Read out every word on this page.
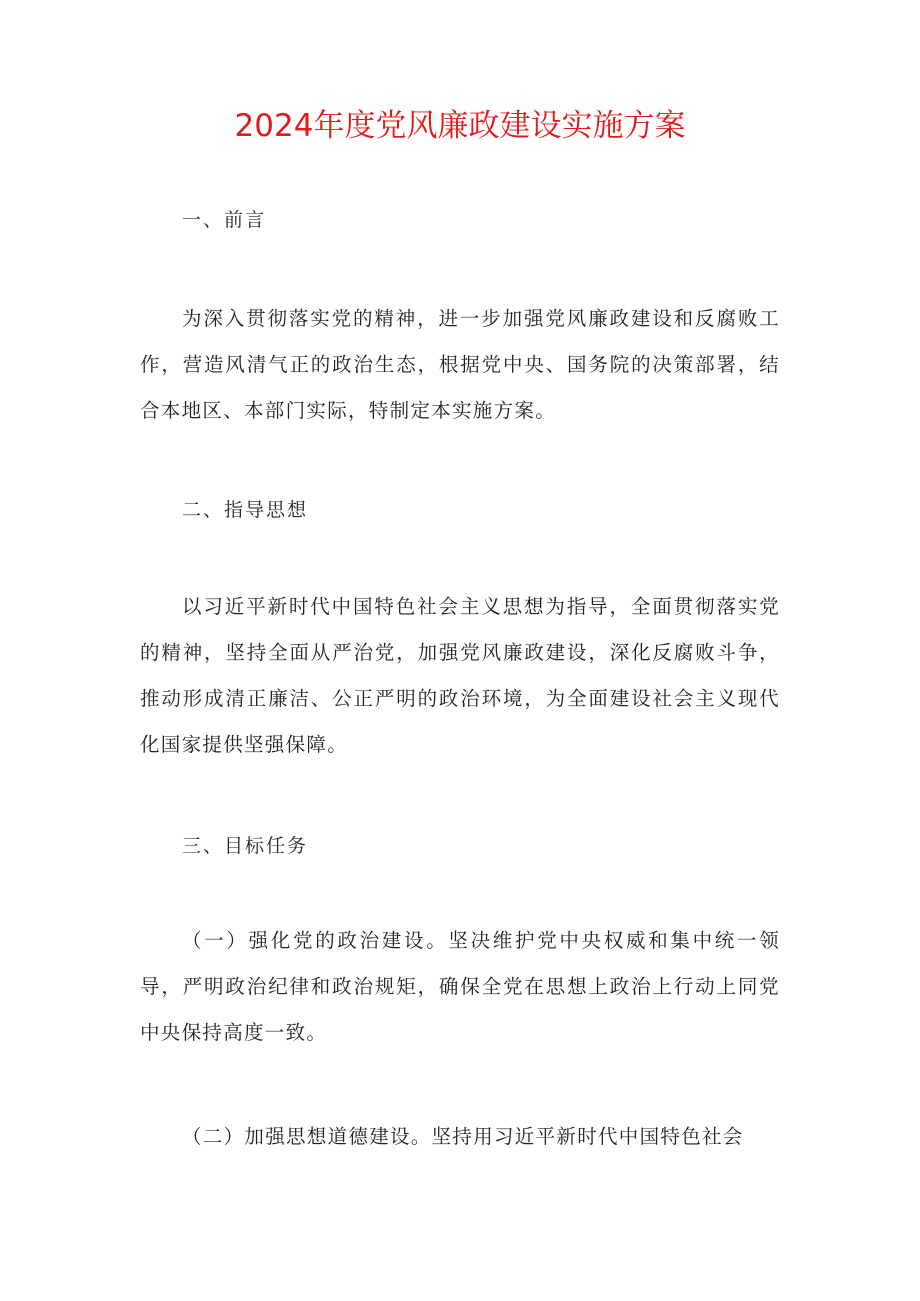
2024年度党风廉政建设实施方案
一、前言

为深入贯彻落实党的精神，进一步加强党风廉政建设和反腐败工作，营造风清气正的政治生态，根据党中央、国务院的决策部署，结合本地区、本部门实际，特制定本实施方案。

二、指导思想

以习近平新时代中国特色社会主义思想为指导，全面贯彻落实党的精神，坚持全面从严治党，加强党风廉政建设，深化反腐败斗争，推动形成清正廉洁、公正严明的政治环境，为全面建设社会主义现代化国家提供坚强保障。

三、目标任务

（一）强化党的政治建设。坚决维护党中央权威和集中统一领导，严明政治纪律和政治规矩，确保全党在思想上政治上行动上同党中央保持高度一致。

（二）加强思想道德建设。坚持用习近平新时代中国特色社会
